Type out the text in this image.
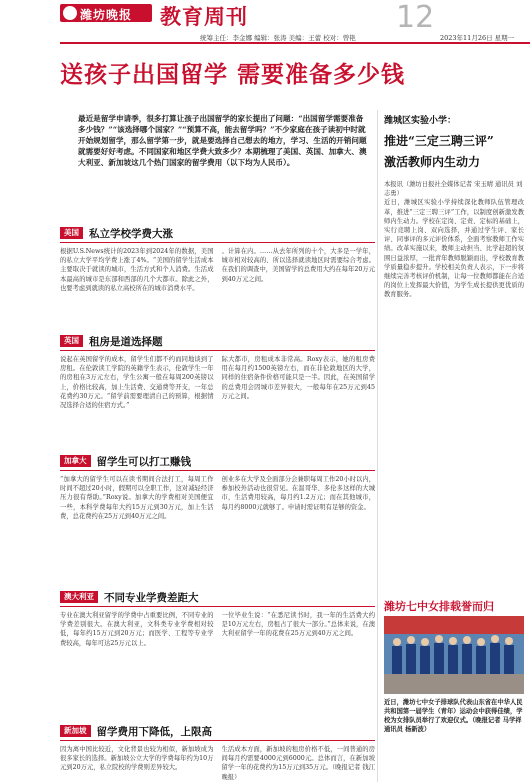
潍坊晚报 教育周刊	12
统筹主任：李金娜 编辑：张涛 美编：王蕾 校对：曾艳	2023年11月26日 星期一
送孩子出国留学 需要准备多少钱
最近是留学申请季，很多打算让孩子出国留学的家长提出了问题：“出国留学需要准备多少钱？”“该选择哪个国家？”“预算不高，能去留学吗？”不少家庭在孩子读初中时就开始规划留学，那么留学第一步，就是要选择自己想去的地方，学习、生活的开销问题就需要好好考虑。不同国家和地区学费大致多少？本期梳理了美国、英国、加拿大、澳大利亚、新加坡这几个热门国家的留学费用（以下均为人民币）。
美国 私立学校学费大涨
根据U.S.News统计的2023年到2024年的数据，美国的私立大学平均学费上涨了4%。“美国的留学生活成本主要取决于就读的城市，生活方式和个人消费。生活成本最高的城市是东部和西部的几个大都市。除此之外，也要考虑到就读的私立高校所在的城市消费水平。
。计算在内。……从去年所列的十个，大多是一学年，城市相对较高的、所以选择就读地区时需要综合考虑。在我们的调查中，美国留学的总费用大约在每年20万元到40万元之间。
英国 租房是道选择题
说起在英国留学的成本，留学生们都不约而同地谈到了房租。在伦敦读工学院的英籍学生表示，伦敦学生一年的房租在3万元左右，学生公寓一般在每周200英镑以上，价格比较高，加上生活费、交通费等开支，一年总花费约30万元。“留学前需要理清自己的预算，根据情况选择合适的住宿方式。”
际大都市，房租成本非常高。Roxy表示，她的租房费用在每月约1500英镑左右，而在非伦敦地区的大学，同样的住宿条件价格可能只是一半。因此，在英国留学的总费用会因城市差异很大，一般每年在25万元到45万元之间。
加拿大 留学生可以打工赚钱
“加拿大的留学生可以在读书期间合法打工，每周工作时间不超过20小时，假期可以全职工作，这对减轻经济压力很有帮助。”Roxy说。加拿大的学费相对美国便宜一些，本科学费每年大约15万元到30万元，加上生活费，总花费约在25万元到40万元之间。
创业多在大学及全面部分会兼职每周工作20小时以内，参加校外活动也很常见。在温哥华、多伦多这样的大城市，生活费用较高，每月约1.2万元；而在其他城市，每月约8000元就够了。申请时需证明有足够的资金。
澳大利亚 不同专业学费差距大
专业在澳大利亚留学的学费中占重要比例，不同专业的学费差别很大。在澳大利亚，文科类专业学费相对较低，每年约15万元到20万元；而医学、工程等专业学费较高，每年可达25万元以上。
一位毕业生说：“在悉尼读书时，我一年的生活费大约是10万元左右，房租占了很大一部分。”总体来说，在澳大利亚留学一年的花费在25万元到40万元之间。
新加坡 留学费用下降低，上限高
因为离中国比较近，文化背景也较为相似，新加坡成为很多家长的选择。新加坡公立大学的学费每年约为10万元到20万元，私立院校的学费则差异较大。
生活成本方面，新加坡的租房价格不低，一间普通的房间每月约需要4000元到6000元。总体而言，在新加坡留学一年的花费约为15万元到35万元。（晚报记者 钱江晚报）
潍城区实验小学：
推进“三定三聘三评”
激活教师内生动力
本报讯（潍坊日报社全媒体记者 宋玉晴 通讯员 刘志勇）
近日，潍城区实验小学持续深化教师队伍管理改革，推进“三定三聘三评”工作，以制度创新激发教师内生动力。学校在定岗、定责、定标的基础上，实行竞聘上岗、双向选择，并通过学生评、家长评、同事评的多元评价体系，全面考察教师工作实绩。改革实施以来，教师主动担当、比学赶超的氛围日益浓厚，一批青年教师脱颖而出，学校教育教学质量稳步提升。学校相关负责人表示，下一步将继续完善考核评价机制，让每一位教师都能在合适的岗位上发挥最大价值，为学生成长提供更优质的教育服务。
潍坊七中女排载誉而归
近日，潍坊七中女子排球队代表山东省在中华人民共和国第一届学生（青年）运动会中获得佳绩，学校为女排队员举行了欢迎仪式。（晚报记者 马学祥 通讯员 杨新波）
